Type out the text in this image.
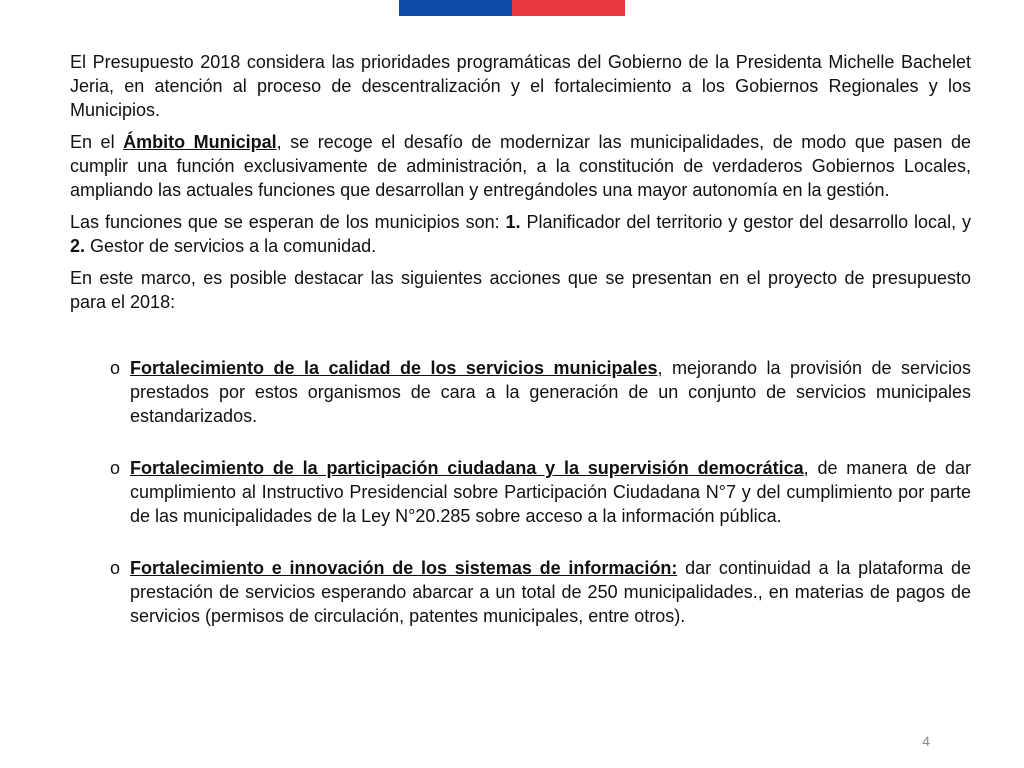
El Presupuesto 2018 considera las prioridades programáticas del Gobierno de la Presidenta Michelle Bachelet Jeria, en atención al proceso de descentralización y el fortalecimiento a los Gobiernos Regionales y los Municipios.

En el Ámbito Municipal, se recoge el desafío de modernizar las municipalidades, de modo que pasen de cumplir una función exclusivamente de administración, a la constitución de verdaderos Gobiernos Locales, ampliando las actuales funciones que desarrollan y entregándoles una mayor autonomía en la gestión.

Las funciones que se esperan de los municipios son: 1. Planificador del territorio y gestor del desarrollo local, y 2. Gestor de servicios a la comunidad.

En este marco, es posible destacar las siguientes acciones que se presentan en el proyecto de presupuesto para el 2018:

o Fortalecimiento de la calidad de los servicios municipales, mejorando la provisión de servicios prestados por estos organismos de cara a la generación de un conjunto de servicios municipales estandarizados.
o Fortalecimiento de la participación ciudadana y la supervisión democrática, de manera de dar cumplimiento al Instructivo Presidencial sobre Participación Ciudadana N°7 y del cumplimiento por parte de las municipalidades de la Ley N°20.285 sobre acceso a la información pública.
o Fortalecimiento e innovación de los sistemas de información: dar continuidad a la plataforma de prestación de servicios esperando abarcar a un total de 250 municipalidades., en materias de pagos de servicios (permisos de circulación, patentes municipales, entre otros).
4
